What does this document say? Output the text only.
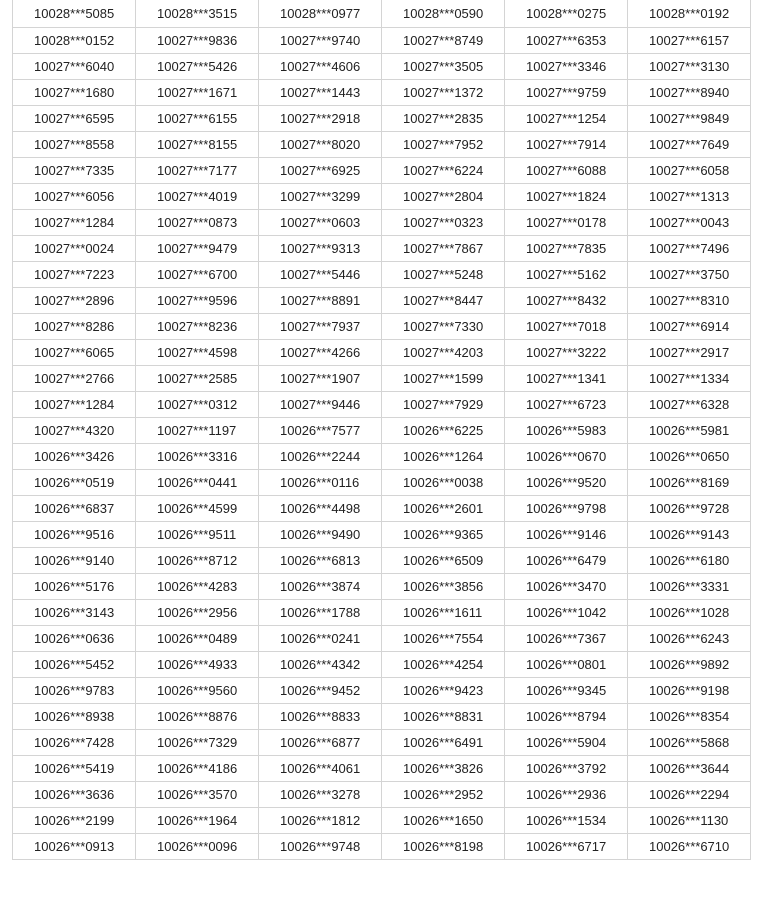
10028***5085	10028***3515	10028***0977	10028***0590	10028***0275	10028***0192
10028***0152	10027***9836	10027***9740	10027***8749	10027***6353	10027***6157
10027***6040	10027***5426	10027***4606	10027***3505	10027***3346	10027***3130
10027***1680	10027***1671	10027***1443	10027***1372	10027***9759	10027***8940
10027***6595	10027***6155	10027***2918	10027***2835	10027***1254	10027***9849
10027***8558	10027***8155	10027***8020	10027***7952	10027***7914	10027***7649
10027***7335	10027***7177	10027***6925	10027***6224	10027***6088	10027***6058
10027***6056	10027***4019	10027***3299	10027***2804	10027***1824	10027***1313
10027***1284	10027***0873	10027***0603	10027***0323	10027***0178	10027***0043
10027***0024	10027***9479	10027***9313	10027***7867	10027***7835	10027***7496
10027***7223	10027***6700	10027***5446	10027***5248	10027***5162	10027***3750
10027***2896	10027***9596	10027***8891	10027***8447	10027***8432	10027***8310
10027***8286	10027***8236	10027***7937	10027***7330	10027***7018	10027***6914
10027***6065	10027***4598	10027***4266	10027***4203	10027***3222	10027***2917
10027***2766	10027***2585	10027***1907	10027***1599	10027***1341	10027***1334
10027***1284	10027***0312	10027***9446	10027***7929	10027***6723	10027***6328
10027***4320	10027***1197	10026***7577	10026***6225	10026***5983	10026***5981
10026***3426	10026***3316	10026***2244	10026***1264	10026***0670	10026***0650
10026***0519	10026***0441	10026***0116	10026***0038	10026***9520	10026***8169
10026***6837	10026***4599	10026***4498	10026***2601	10026***9798	10026***9728
10026***9516	10026***9511	10026***9490	10026***9365	10026***9146	10026***9143
10026***9140	10026***8712	10026***6813	10026***6509	10026***6479	10026***6180
10026***5176	10026***4283	10026***3874	10026***3856	10026***3470	10026***3331
10026***3143	10026***2956	10026***1788	10026***1611	10026***1042	10026***1028
10026***0636	10026***0489	10026***0241	10026***7554	10026***7367	10026***6243
10026***5452	10026***4933	10026***4342	10026***4254	10026***0801	10026***9892
10026***9783	10026***9560	10026***9452	10026***9423	10026***9345	10026***9198
10026***8938	10026***8876	10026***8833	10026***8831	10026***8794	10026***8354
10026***7428	10026***7329	10026***6877	10026***6491	10026***5904	10026***5868
10026***5419	10026***4186	10026***4061	10026***3826	10026***3792	10026***3644
10026***3636	10026***3570	10026***3278	10026***2952	10026***2936	10026***2294
10026***2199	10026***1964	10026***1812	10026***1650	10026***1534	10026***1130
10026***0913	10026***0096	10026***9748	10026***8198	10026***6717	10026***6710
